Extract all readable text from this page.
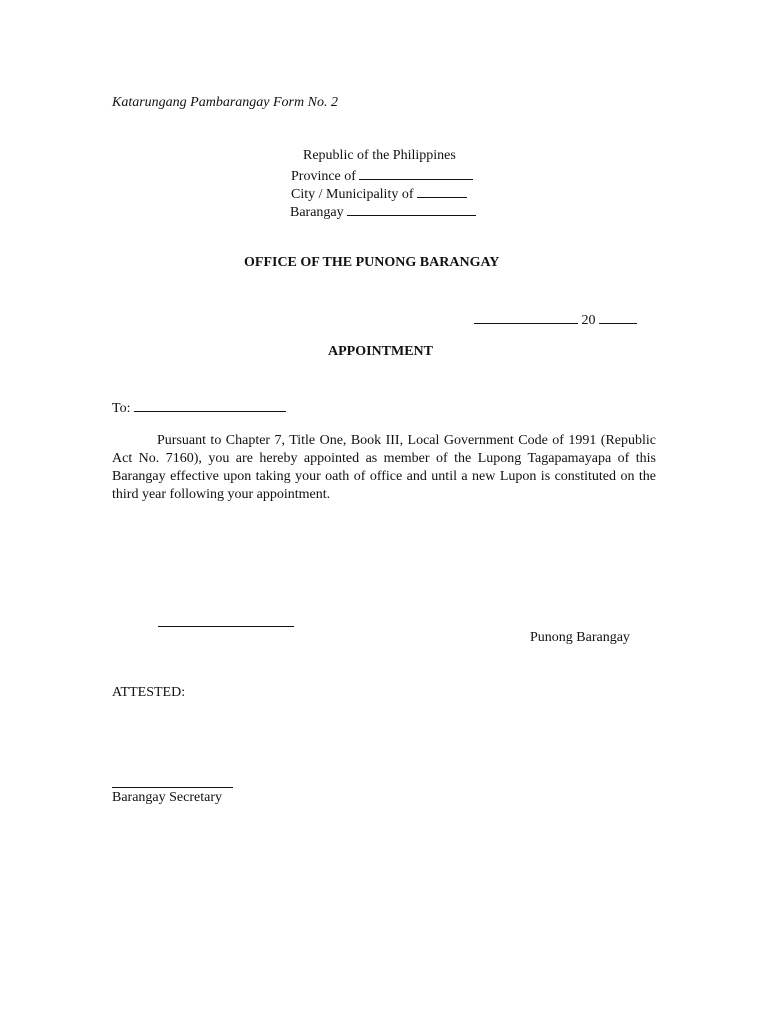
Katarungang Pambarangay Form No. 2
Republic of the Philippines
Province of
City / Municipality of
Barangay
OFFICE OF THE PUNONG BARANGAY
20
APPOINTMENT
To:
Pursuant to Chapter 7, Title One, Book III, Local Government Code of 1991 (Republic Act No. 7160), you are hereby appointed as member of the Lupong Tagapamayapa of this Barangay effective upon taking your oath of office and until a new Lupon is constituted on the third year following your appointment.
Punong Barangay
ATTESTED:
Barangay Secretary
